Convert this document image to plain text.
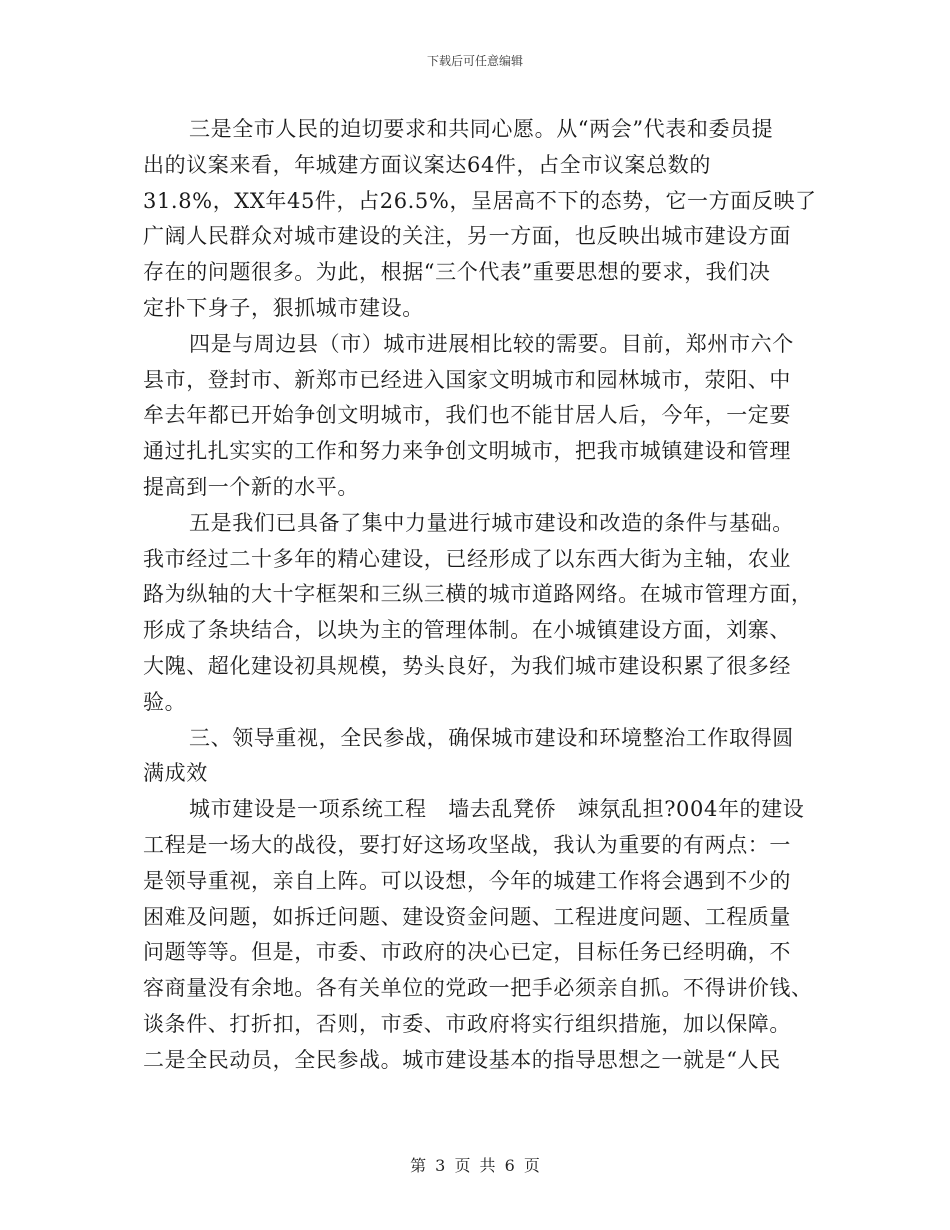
下载后可任意编辑
三是全市人民的迫切要求和共同心愿。从“两会”代表和委员提
出的议案来看，年城建方面议案达64件，占全市议案总数的
31.8%，XX年45件，占26.5%，呈居高不下的态势，它一方面反映了
广阔人民群众对城市建设的关注，另一方面，也反映出城市建设方面
存在的问题很多。为此，根据“三个代表”重要思想的要求，我们决
定扑下身子，狠抓城市建设。
四是与周边县（市）城市进展相比较的需要。目前，郑州市六个
县市，登封市、新郑市已经进入国家文明城市和园林城市，荥阳、中
牟去年都已开始争创文明城市，我们也不能甘居人后，今年，一定要
通过扎扎实实的工作和努力来争创文明城市，把我市城镇建设和管理
提高到一个新的水平。
五是我们已具备了集中力量进行城市建设和改造的条件与基础。
我市经过二十多年的精心建设，已经形成了以东西大街为主轴，农业
路为纵轴的大十字框架和三纵三横的城市道路网络。在城市管理方面，
形成了条块结合，以块为主的管理体制。在小城镇建设方面，刘寨、
大隗、超化建设初具规模，势头良好，为我们城市建设积累了很多经
验。
三、领导重视，全民参战，确保城市建设和环境整治工作取得圆
满成效
城市建设是一项系统工程　墙去乱凳侨　竦氛乱担?004年的建设
工程是一场大的战役，要打好这场攻坚战，我认为重要的有两点：一
是领导重视，亲自上阵。可以设想，今年的城建工作将会遇到不少的
困难及问题，如拆迁问题、建设资金问题、工程进度问题、工程质量
问题等等。但是，市委、市政府的决心已定，目标任务已经明确，不
容商量没有余地。各有关单位的党政一把手必须亲自抓。不得讲价钱、
谈条件、打折扣，否则，市委、市政府将实行组织措施，加以保障。
二是全民动员，全民参战。城市建设基本的指导思想之一就是“人民
第 3 页 共 6 页
